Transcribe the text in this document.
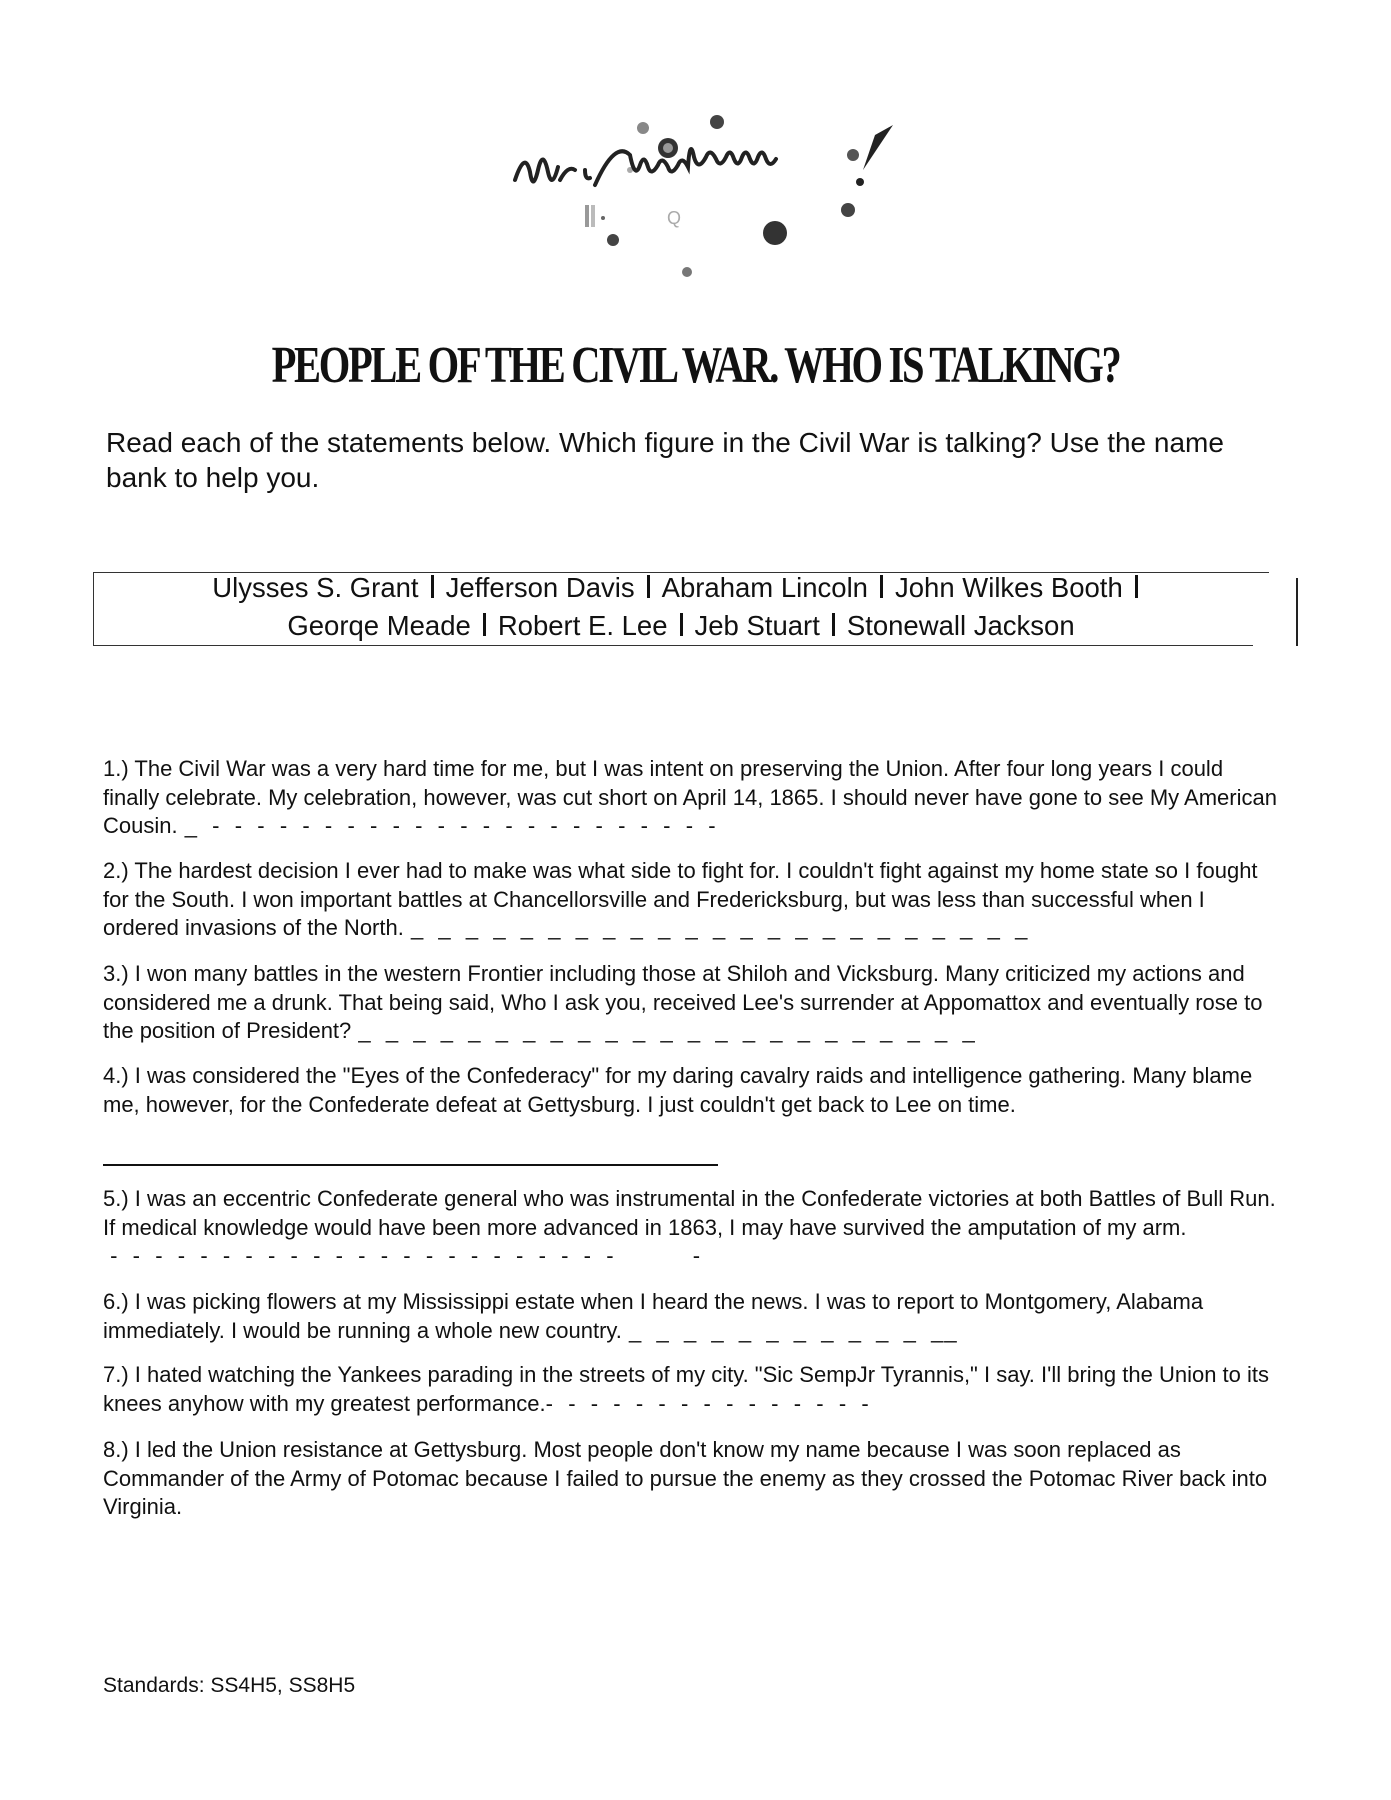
Q
PEOPLE OF THE CIVIL WAR. WHO IS TALKING?
Read each of the statements below. Which figure in the Civil War is talking? Use the name bank to help you.
Ulysses S. Grant Jefferson Davis Abraham Lincoln John Wilkes Booth
Georqe Meade Robert E. Lee Jeb Stuart Stonewall Jackson
1.) The Civil War was a very hard time for me, but I was intent on preserving the Union. After four long years I could finally celebrate. My celebration, however, was cut short on April 14, 1865. I should never have gone to see My American Cousin. _  -  -  -  -  -  -  -  -  -  -  -  -  -  -  -  -  -  -  -  -  -  -  -
2.) The hardest decision I ever had to make was what side to fight for. I couldn't fight against my home state so I fought for the South. I won important battles at Chancellorsville and Fredericksburg, but was less than successful when I ordered invasions of the North. _  _  _  _  _  _  _  _  _  _  _  _  _  _  _  _  _  _  _  _  _  _  _
3.) I won many battles in the western Frontier including those at Shiloh and Vicksburg. Many criticized my actions and considered me a drunk. That being said, Who I ask you, received Lee's surrender at Appomattox and eventually rose to the position of President? _  _  _  _  _  _  _  _  _  _  _  _  _  _  _  _  _  _  _  _  _  _  _
4.) I was considered the "Eyes of the Confederacy" for my daring cavalry raids and intelligence gathering. Many blame me, however, for the Confederate defeat at Gettysburg. I just couldn't get back to Lee on time.
5.) I was an eccentric Confederate general who was instrumental in the Confederate victories at both Battles of Bull Run. If medical knowledge would have been more advanced in 1863, I may have survived the amputation of my arm. -  -  -  -  -  -  -  -  -  -  -  -  -  -  -  -  -  -  -  -  -  -  -           -
6.) I was picking flowers at my Mississippi estate when I heard the news. I was to report to Montgomery, Alabama immediately. I would be running a whole new country. _  _  _  _  _  _  _  _  _  _  _  __
7.) I hated watching the Yankees parading in the streets of my city. "Sic SempJr Tyrannis," I say. I'll bring the Union to its knees anyhow with my greatest performance.-  -  -  -  -  -  -  -  -  -  -  -  -  -  -
8.) I led the Union resistance at Gettysburg. Most people don't know my name because I was soon replaced as Commander of the Army of Potomac because I failed to pursue the enemy as they crossed the Potomac River back into Virginia.
Standards: SS4H5, SS8H5
